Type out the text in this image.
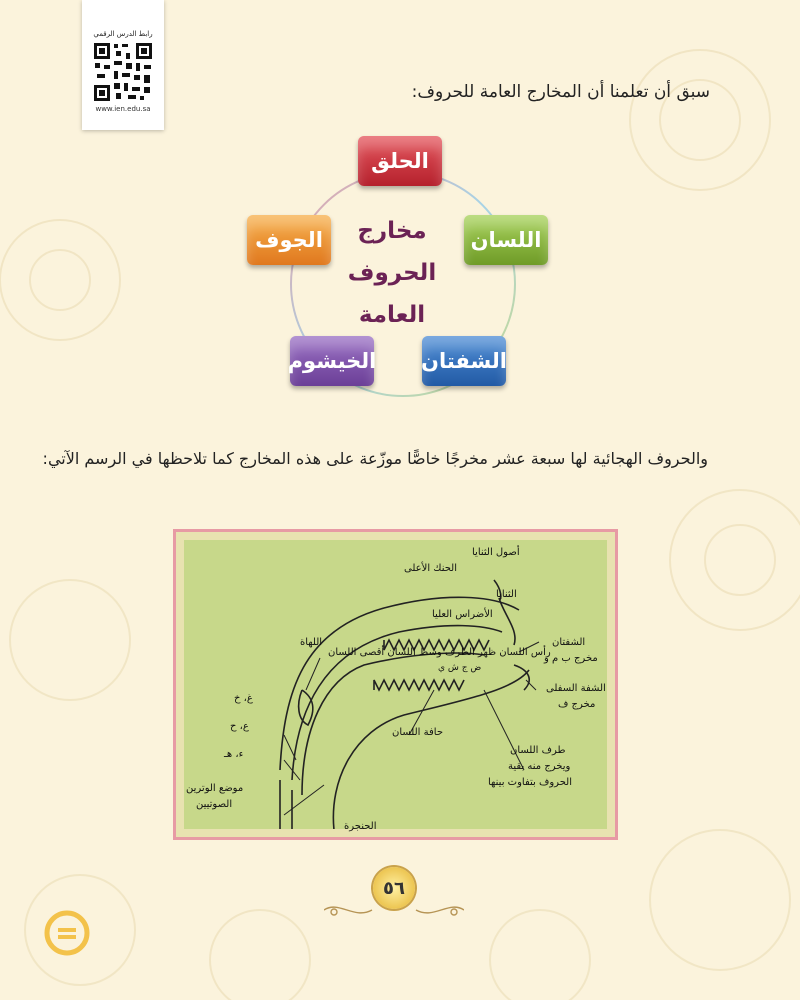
رابط الدرس الرقمي
www.ien.edu.sa
سبق أن تعلمنا أن المخارج العامة للحروف:
الحلق
اللسان
الجوف
الشفتان
الخيشوم
مخارج
الحروف
العامة
والحروف الهجائية لها سبعة عشر مخرجًا خاصًّا موزّعة على هذه المخارج كما تلاحظها في الرسم الآتي:
أصول الثنايا
الحنك الأعلى
الثنايا
الأضراس العليا
اللهاة
رأس اللسان ظهر الطرف وسط اللسان أقصى اللسان
ض ج ش ي
الشفتان
مخرج ب م و
الشفة السفلى
مخرج ف
غ، خ
ع، ح
ء، هـ
حافة اللسان
طرف اللسان
ويخرج منه بقية
الحروف بتفاوت بينها
موضع الوترين
الصوتيين
الحنجرة
٥٦
